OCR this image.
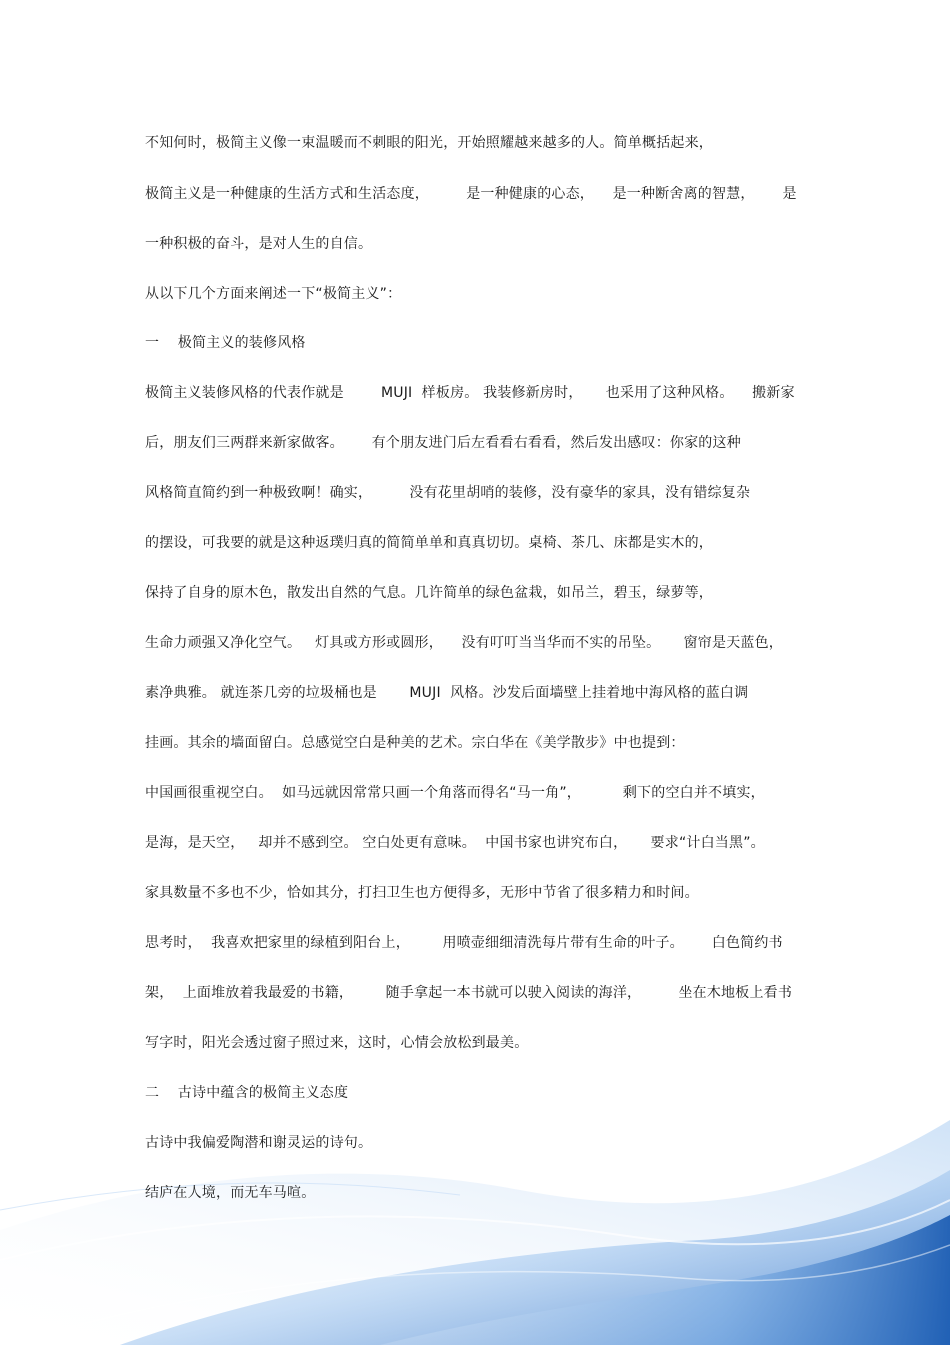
不知何时，极简主义像一束温暖而不刺眼的阳光，开始照耀越来越多的人。简单概括起来，

极简主义是一种健康的生活方式和生活态度，        是一种健康的心态，    是一种断舍离的智慧，      是

一种积极的奋斗，是对人生的自信。

从以下几个方面来阐述一下“极简主义”：

一    极简主义的装修风格

极简主义装修风格的代表作就是        MUJI  样板房。 我装修新房时，     也采用了这种风格。    搬新家

后，朋友们三两群来新家做客。      有个朋友进门后左看看右看看，然后发出感叹：你家的这种

风格简直简约到一种极致啊！确实，        没有花里胡哨的装修，没有豪华的家具，没有错综复杂

的摆设，可我要的就是这种返璞归真的简简单单和真真切切。桌椅、茶几、床都是实木的，

保持了自身的原木色，散发出自然的气息。几许简单的绿色盆栽，如吊兰，碧玉，绿萝等，

生命力顽强又净化空气。   灯具或方形或圆形，    没有叮叮当当华而不实的吊坠。     窗帘是天蓝色，

素净典雅。 就连茶几旁的垃圾桶也是       MUJI  风格。沙发后面墙壁上挂着地中海风格的蓝白调

挂画。其余的墙面留白。总感觉空白是种美的艺术。宗白华在《美学散步》中也提到：

中国画很重视空白。  如马远就因常常只画一个角落而得名“马一角”，         剩下的空白并不填实，

是海，是天空，   却并不感到空。 空白处更有意味。  中国书家也讲究布白，     要求“计白当黑”。

家具数量不多也不少，恰如其分，打扫卫生也方便得多，无形中节省了很多精力和时间。

思考时，  我喜欢把家里的绿植到阳台上，       用喷壶细细清洗每片带有生命的叶子。      白色简约书

架，  上面堆放着我最爱的书籍，       随手拿起一本书就可以驶入阅读的海洋，        坐在木地板上看书

写字时，阳光会透过窗子照过来，这时，心情会放松到最美。

二    古诗中蕴含的极简主义态度

古诗中我偏爱陶潜和谢灵运的诗句。

结庐在人境，而无车马喧。
